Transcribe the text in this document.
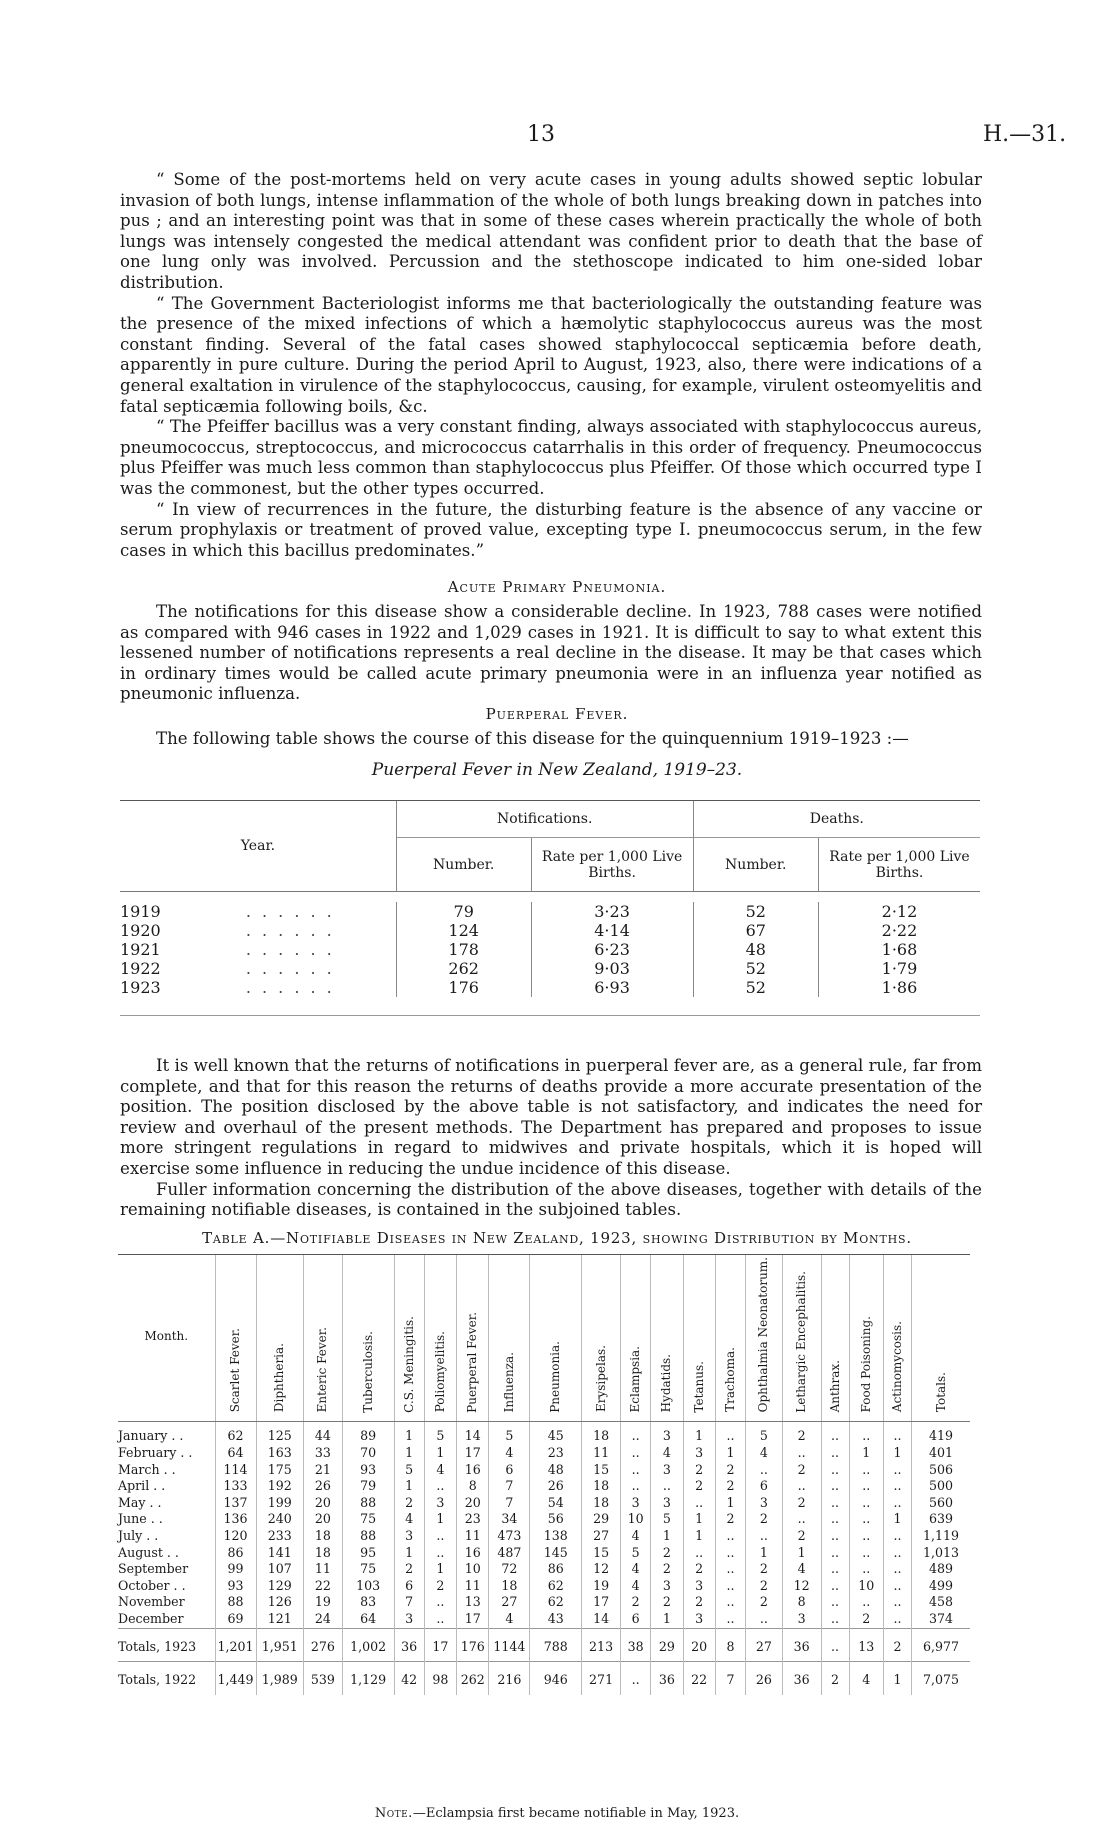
13	H.—31.

“ Some of the post-mortems held on very acute cases in young adults showed septic lobular invasion of both lungs, intense inflammation of the whole of both lungs breaking down in patches into pus ; and an interesting point was that in some of these cases wherein practically the whole of both lungs was intensely congested the medical attendant was confident prior to death that the base of one lung only was involved. Percussion and the stethoscope indicated to him one-sided lobar distribution.

“ The Government Bacteriologist informs me that bacteriologically the outstanding feature was the presence of the mixed infections of which a hæmolytic staphylococcus aureus was the most constant finding. Several of the fatal cases showed staphylococcal septicæmia before death, apparently in pure culture. During the period April to August, 1923, also, there were indications of a general exaltation in virulence of the staphylococcus, causing, for example, virulent osteomyelitis and fatal septicæmia following boils, &c.

“ The Pfeiffer bacillus was a very constant finding, always associated with staphylococcus aureus, pneumococcus, streptococcus, and micrococcus catarrhalis in this order of frequency. Pneumococcus plus Pfeiffer was much less common than staphylococcus plus Pfeiffer. Of those which occurred type I was the commonest, but the other types occurred.

“ In view of recurrences in the future, the disturbing feature is the absence of any vaccine or serum prophylaxis or treatment of proved value, excepting type I. pneumococcus serum, in the few cases in which this bacillus predominates.”

Acute Primary Pneumonia.

The notifications for this disease show a considerable decline. In 1923, 788 cases were notified as compared with 946 cases in 1922 and 1,029 cases in 1921. It is difficult to say to what extent this lessened number of notifications represents a real decline in the disease. It may be that cases which in ordinary times would be called acute primary pneumonia were in an influenza year notified as pneumonic influenza.

Puerperal Fever.

The following table shows the course of this disease for the quinquennium 1919–1923 :—

Puerperal Fever in New Zealand, 1919–23.
Year.	Notifications.		Deaths.	
	Number.	Rate per 1,000 Live Births.	Number.	Rate per 1,000 Live Births.

1919 . . . . . .	79	3·23	52	2·12
1920 . . . . . .	124	4·14	67	2·22
1921 . . . . . .	178	6·23	48	1·68
1922 . . . . . .	262	9·03	52	1·79
1923 . . . . . .	176	6·93	52	1·86

It is well known that the returns of notifications in puerperal fever are, as a general rule, far from complete, and that for this reason the returns of deaths provide a more accurate presentation of the position. The position disclosed by the above table is not satisfactory, and indicates the need for review and overhaul of the present methods. The Department has prepared and proposes to issue more stringent regulations in regard to midwives and private hospitals, which it is hoped will exercise some influence in reducing the undue incidence of this disease.

Fuller information concerning the distribution of the above diseases, together with details of the remaining notifiable diseases, is contained in the subjoined tables.

Table A.—Notifiable Diseases in New Zealand, 1923, showing Distribution by Months.
Month.	Scarlet Fever.	Diphtheria.	Enteric Fever.	Tuberculosis.	C.S. Meningitis.	Poliomyelitis.	Puerperal Fever.	Influenza.	Pneumonia.	Erysipelas.	Eclampsia.	Hydatids.	Tetanus.	Trachoma.	Ophthalmia Neonatorum.	Lethargic Encephalitis.	Anthrax.	Food Poisoning.	Actinomycosis.	Totals.
January . .	62	125	44	89	1	5	14	5	45	18	..	3	1	..	5	2	..	..	..	419
February . .	64	163	33	70	1	1	17	4	23	11	..	4	3	1	4	..	..	1	1	401
March . .	114	175	21	93	5	4	16	6	48	15	..	3	2	2	..	2	..	..	..	506
April . .	133	192	26	79	1	..	8	7	26	18	..	..	2	2	6	..	..	..	..	500
May . .	137	199	20	88	2	3	20	7	54	18	3	3	..	1	3	2	..	..	..	560
June . .	136	240	20	75	4	1	23	34	56	29	10	5	1	2	2	..	..	..	1	639
July . .	120	233	18	88	3	..	11	473	138	27	4	1	1	..	..	2	..	..	..	1,119
August . .	86	141	18	95	1	..	16	487	145	15	5	2	..	..	1	1	..	..	..	1,013
September	99	107	11	75	2	1	10	72	86	12	4	2	2	..	2	4	..	..	..	489
October . .	93	129	22	103	6	2	11	18	62	19	4	3	3	..	2	12	..	10	..	499
November	88	126	19	83	7	..	13	27	62	17	2	2	2	..	2	8	..	..	..	458
December	69	121	24	64	3	..	17	4	43	14	6	1	3	..	..	3	..	2	..	374
Totals, 1923	1,201	1,951	276	1,002	36	17	176	1144	788	213	38	29	20	8	27	36	..	13	2	6,977
Totals, 1922	1,449	1,989	539	1,129	42	98	262	216	946	271	..	36	22	7	26	36	2	4	1	7,075
Note.—Eclampsia first became notifiable in May, 1923.
